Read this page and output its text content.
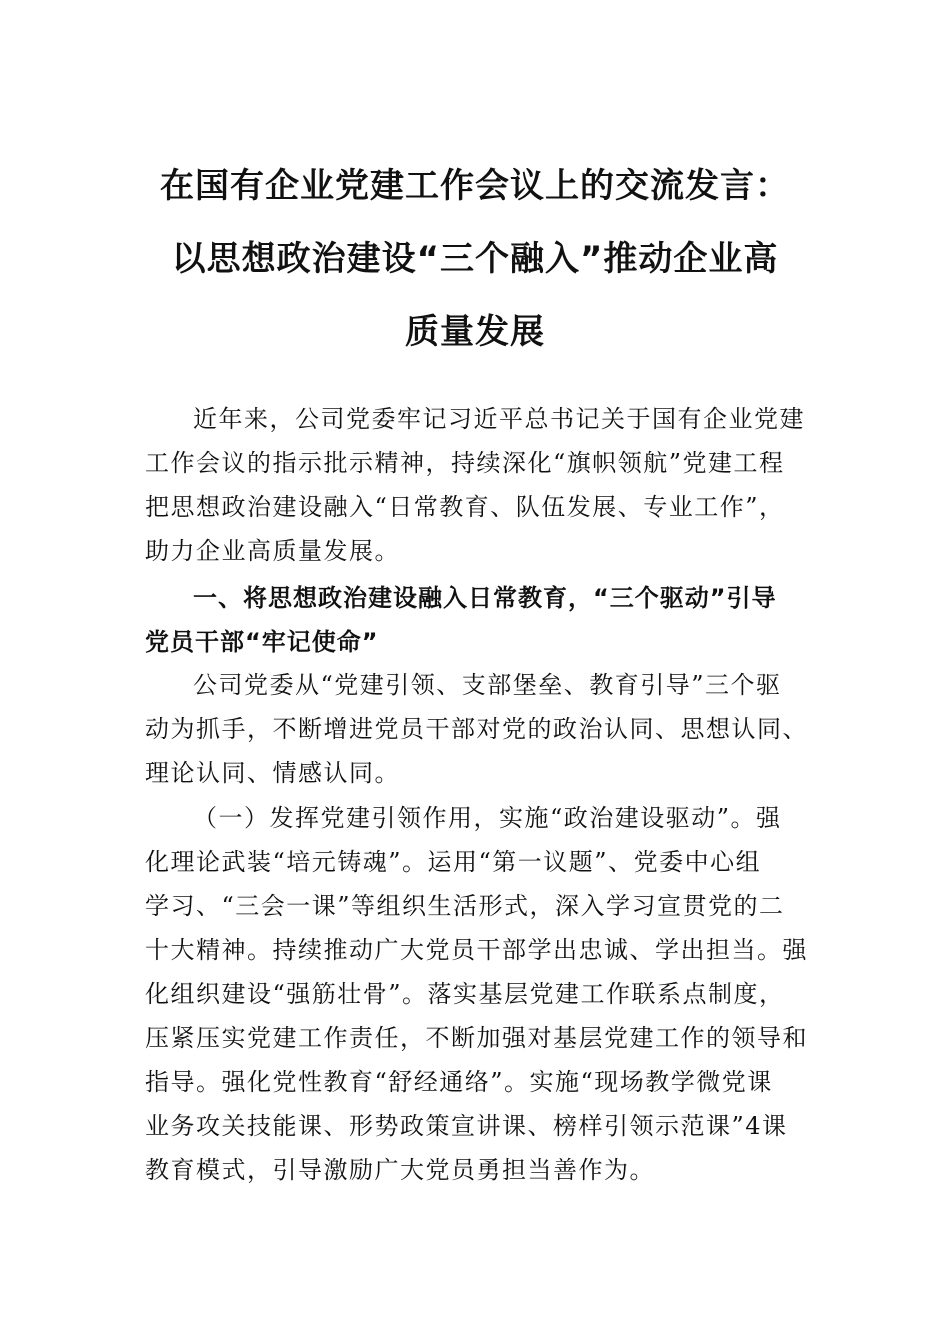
在国有企业党建工作会议上的交流发言：
以思想政治建设“三个融入”推动企业高
质量发展
近年来，公司党委牢记习近平总书记关于国有企业党建
工作会议的指示批示精神，持续深化“旗帜领航”党建工程
把思想政治建设融入“日常教育、队伍发展、专业工作”，
助力企业高质量发展。
一、将思想政治建设融入日常教育，“三个驱动”引导
党员干部“牢记使命”
公司党委从“党建引领、支部堡垒、教育引导”三个驱
动为抓手，不断增进党员干部对党的政治认同、思想认同、
理论认同、情感认同。
（一）发挥党建引领作用，实施“政治建设驱动”。强
化理论武装“培元铸魂”。运用“第一议题”、党委中心组
学习、“三会一课”等组织生活形式，深入学习宣贯党的二
十大精神。持续推动广大党员干部学出忠诚、学出担当。强
化组织建设“强筋壮骨”。落实基层党建工作联系点制度，
压紧压实党建工作责任，不断加强对基层党建工作的领导和
指导。强化党性教育“舒经通络”。实施“现场教学微党课
业务攻关技能课、形势政策宣讲课、榜样引领示范课”4课
教育模式，引导激励广大党员勇担当善作为。
